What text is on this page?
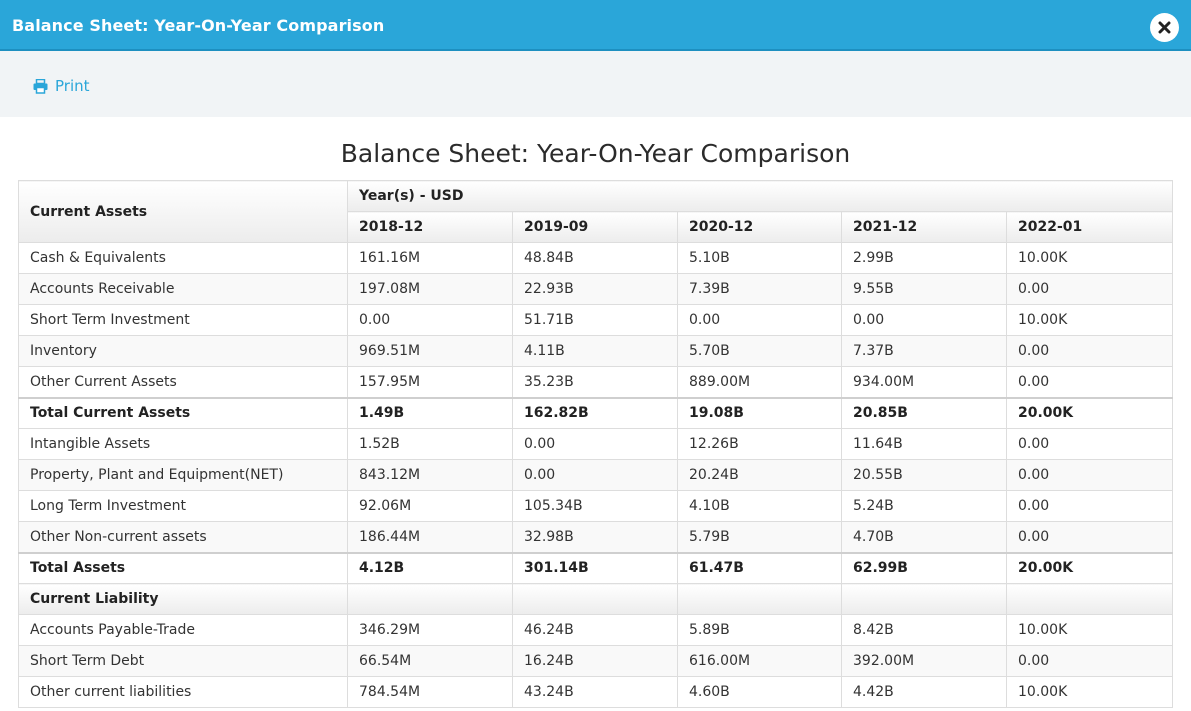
Balance Sheet: Year-On-Year Comparison
Print
Balance Sheet: Year-On-Year Comparison
Current Assets	Year(s) - USD				
	2018-12	2019-09	2020-12	2021-12	2022-01
Cash & Equivalents	161.16M	48.84B	5.10B	2.99B	10.00K
Accounts Receivable	197.08M	22.93B	7.39B	9.55B	0.00
Short Term Investment	0.00	51.71B	0.00	0.00	10.00K
Inventory	969.51M	4.11B	5.70B	7.37B	0.00
Other Current Assets	157.95M	35.23B	889.00M	934.00M	0.00
Total Current Assets	1.49B	162.82B	19.08B	20.85B	20.00K
Intangible Assets	1.52B	0.00	12.26B	11.64B	0.00
Property, Plant and Equipment(NET)	843.12M	0.00	20.24B	20.55B	0.00
Long Term Investment	92.06M	105.34B	4.10B	5.24B	0.00
Other Non-current assets	186.44M	32.98B	5.79B	4.70B	0.00
Total Assets	4.12B	301.14B	61.47B	62.99B	20.00K
Current Liability					
Accounts Payable-Trade	346.29M	46.24B	5.89B	8.42B	10.00K
Short Term Debt	66.54M	16.24B	616.00M	392.00M	0.00
Other current liabilities	784.54M	43.24B	4.60B	4.42B	10.00K
